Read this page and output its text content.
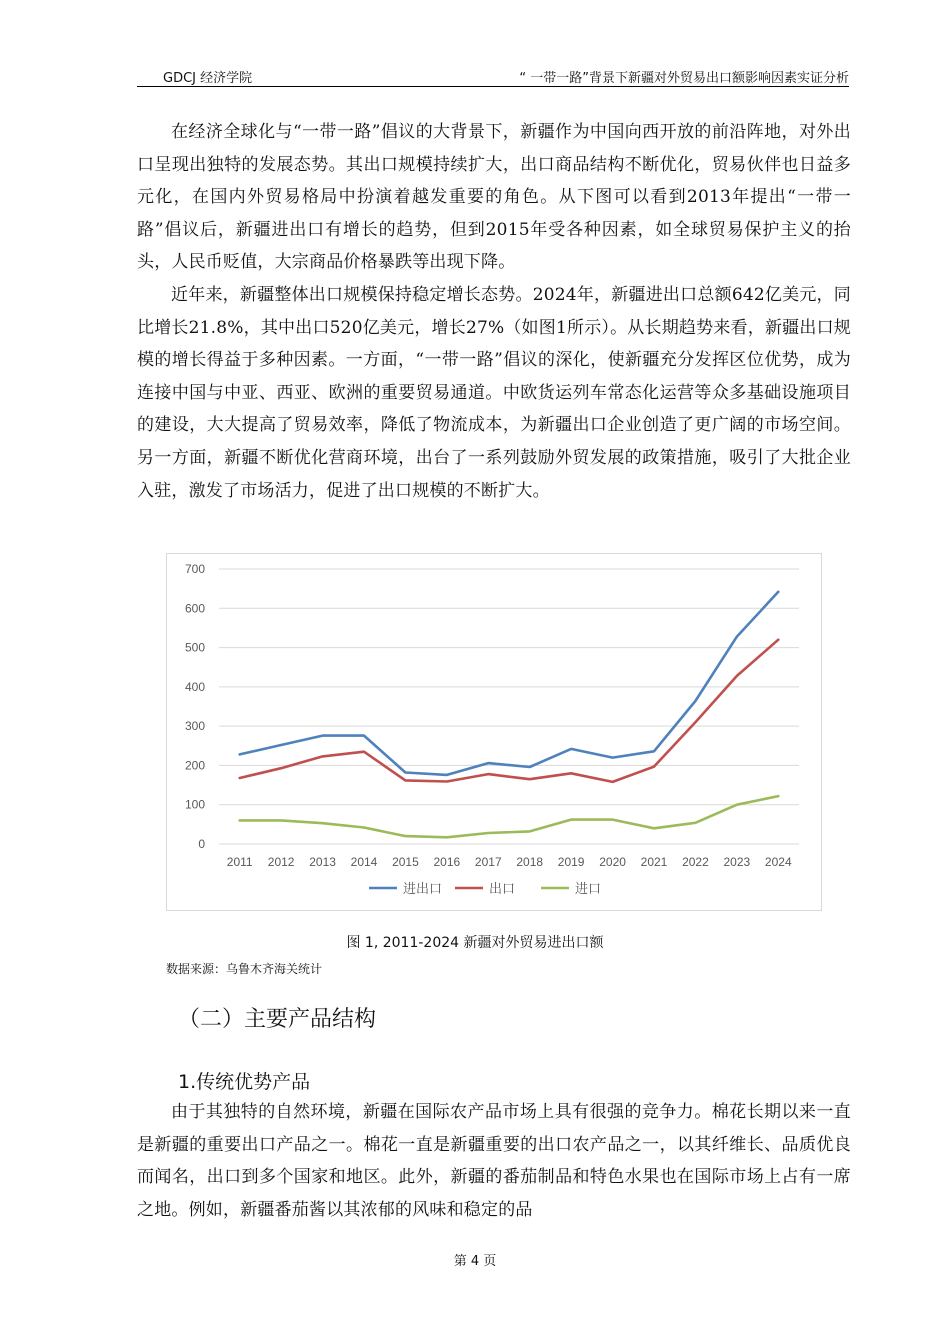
GDCJ 经济学院	“ 一带一路”背景下新疆对外贸易出口额影响因素实证分析

在经济全球化与“一带一路”倡议的大背景下，新疆作为中国向西开放的前沿阵地，对外出口呈现出独特的发展态势。其出口规模持续扩大，出口商品结构不断优化，贸易伙伴也日益多元化，在国内外贸易格局中扮演着越发重要的角色。从下图可以看到2013年提出“一带一路”倡议后，新疆进出口有增长的趋势，但到2015年受各种因素，如全球贸易保护主义的抬头，人民币贬值，大宗商品价格暴跌等出现下降。

近年来，新疆整体出口规模保持稳定增长态势。2024年，新疆进出口总额642亿美元，同比增长21.8%，其中出口520亿美元，增长27%（如图1所示）。从长期趋势来看，新疆出口规模的增长得益于多种因素。一方面，“一带一路”倡议的深化，使新疆充分发挥区位优势，成为连接中国与中亚、西亚、欧洲的重要贸易通道。中欧货运列车常态化运营等众多基础设施项目的建设，大大提高了贸易效率，降低了物流成本，为新疆出口企业创造了更广阔的市场空间。另一方面，新疆不断优化营商环境，出台了一系列鼓励外贸发展的政策措施，吸引了大批企业入驻，激发了市场活力，促进了出口规模的不断扩大。

0
100
200
300
400
500
600
700
2011 2012 2013 2014 2015 2016 2017 2018 2019 2020 2021 2022 2023 2024
进出口	出口	进口
图 1, 2011-2024 新疆对外贸易进出口额
数据来源：乌鲁木齐海关统计
（二）主要产品结构
1.传统优势产品

由于其独特的自然环境，新疆在国际农产品市场上具有很强的竞争力。棉花长期以来一直是新疆的重要出口产品之一。棉花一直是新疆重要的出口农产品之一，以其纤维长、品质优良而闻名，出口到多个国家和地区。此外，新疆的番茄制品和特色水果也在国际市场上占有一席之地。例如，新疆番茄酱以其浓郁的风味和稳定的品

第 4 页
